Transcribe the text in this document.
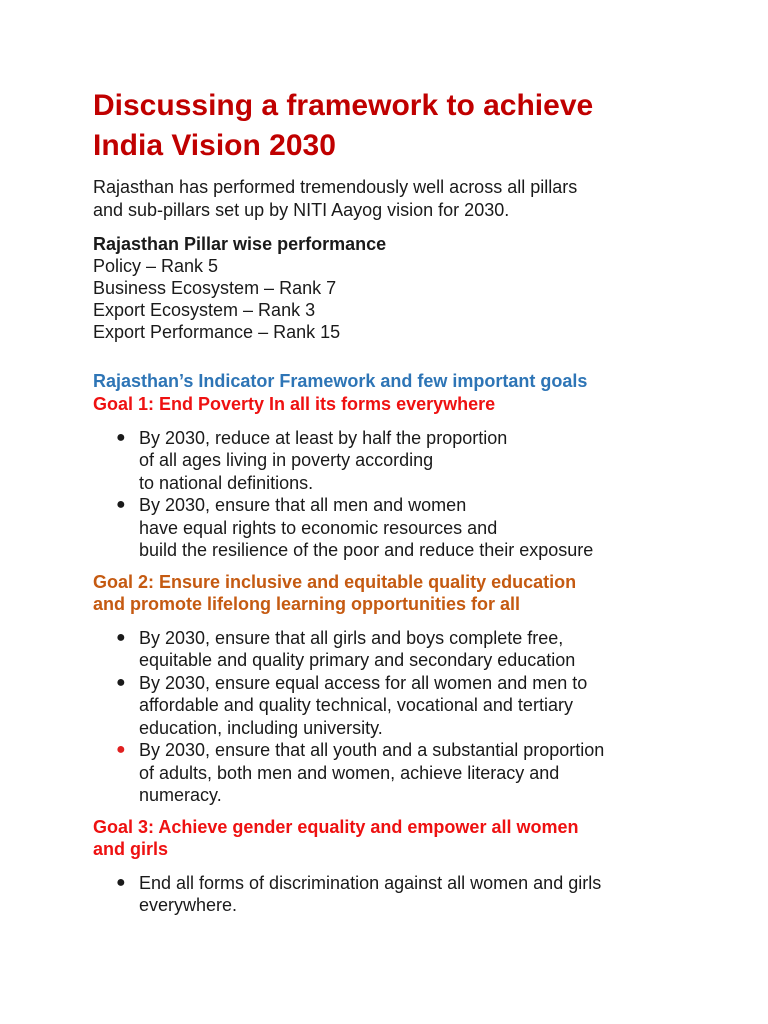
Discussing a framework to achieve
India Vision 2030

Rajasthan has performed tremendously well across all pillars
and sub-pillars set up by NITI Aayog vision for 2030.

Rajasthan Pillar wise performance

Policy – Rank 5

Business Ecosystem – Rank 7

Export Ecosystem – Rank 3

Export Performance – Rank 15

Rajasthan’s Indicator Framework and few important goals

Goal 1: End Poverty In all its forms everywhere

● By 2030, reduce at least by half the proportion
of all ages living in poverty according
to national definitions.
● By 2030, ensure that all men and women
have equal rights to economic resources and
build the resilience of the poor and reduce their exposure

Goal 2: Ensure inclusive and equitable quality education
and promote lifelong learning opportunities for all

● By 2030, ensure that all girls and boys complete free,
equitable and quality primary and secondary education
● By 2030, ensure equal access for all women and men to
affordable and quality technical, vocational and tertiary
education, including university.
● By 2030, ensure that all youth and a substantial proportion
of adults, both men and women, achieve literacy and
numeracy.

Goal 3: Achieve gender equality and empower all women
and girls

● End all forms of discrimination against all women and girls
everywhere.
